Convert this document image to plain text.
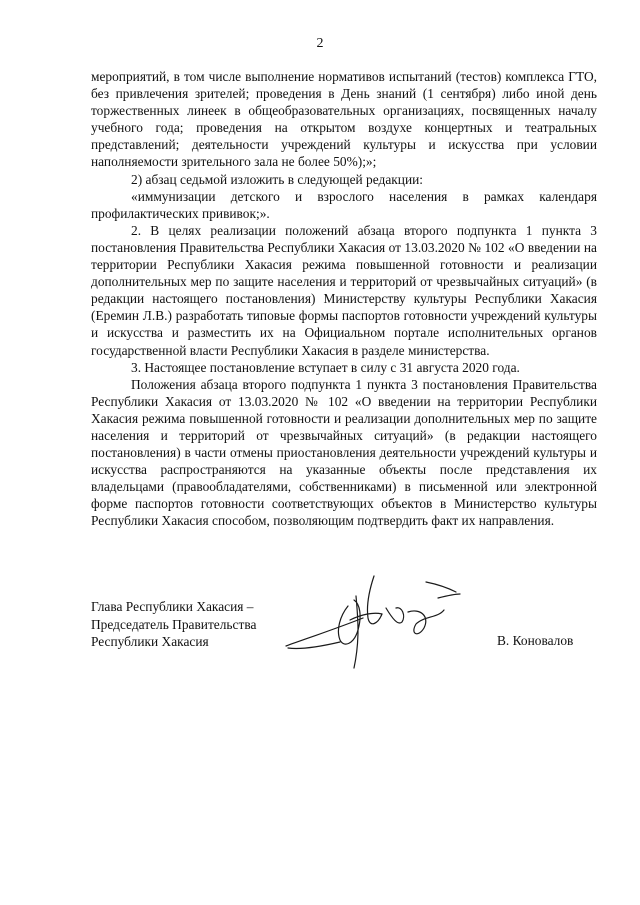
2

мероприятий, в том числе выполнение нормативов испытаний (тестов) комплекса ГТО, без привлечения зрителей; проведения в День знаний (1 сентября) либо иной день торжественных линеек в общеобразовательных организациях, посвященных началу учебного года; проведения на открытом воздухе концертных и театральных представлений; деятельности учреждений культуры и искусства при условии наполняемости зрительного зала не более 50%);»;

2) абзац седьмой изложить в следующей редакции:

«иммунизации детского и взрослого населения в рамках календаря профилактических прививок;».

2. В целях реализации положений абзаца второго подпункта 1 пункта 3 постановления Правительства Республики Хакасия от 13.03.2020 № 102 «О введении на территории Республики Хакасия режима повышенной готовности и реализации дополнительных мер по защите населения и территорий от чрезвычайных ситуаций» (в редакции настоящего постановления) Министерству культуры Республики Хакасия (Еремин Л.В.) разработать типовые формы паспортов готовности учреждений культуры и искусства и разместить их на Официальном портале исполнительных органов государственной власти Республики Хакасия в разделе министерства.

3. Настоящее постановление вступает в силу с 31 августа 2020 года.

Положения абзаца второго подпункта 1 пункта 3 постановления Правительства Республики Хакасия от 13.03.2020 № 102 «О введении на территории Республики Хакасия режима повышенной готовности и реализации дополнительных мер по защите населения и территорий от чрезвычайных ситуаций» (в редакции настоящего постановления) в части отмены приостановления деятельности учреждений культуры и искусства распространяются на указанные объекты после представления их владельцами (правообладателями, собственниками) в письменной или электронной форме паспортов готовности соответствующих объектов в Министерство культуры Республики Хакасия способом, позволяющим подтвердить факт их направления.

Глава Республики Хакасия –
Председатель Правительства
Республики Хакасия	В. Коновалов
